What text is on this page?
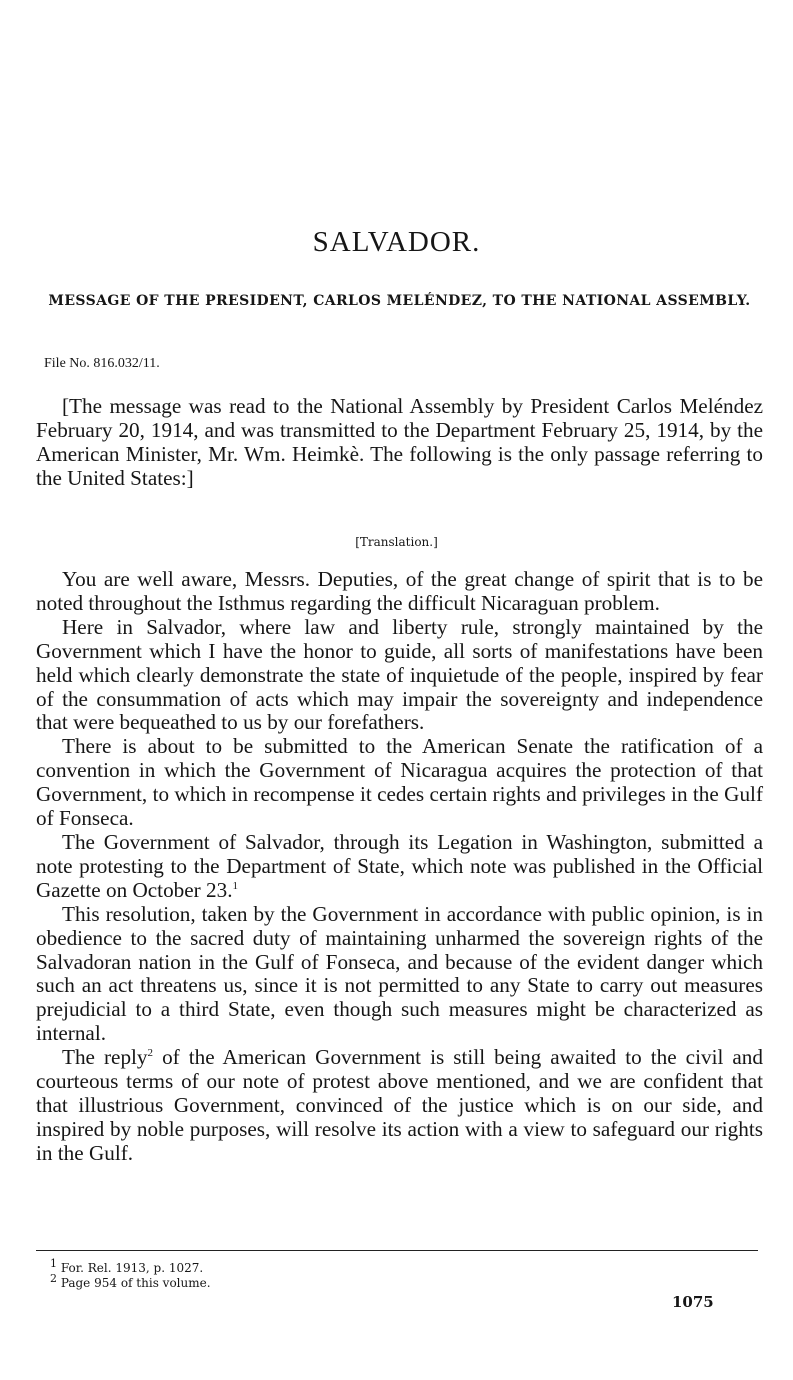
SALVADOR.
MESSAGE OF THE PRESIDENT, CARLOS MELÉNDEZ, TO THE NATIONAL ASSEMBLY.
File No. 816.032/11.

[The message was read to the National Assembly by President Carlos Meléndez February 20, 1914, and was transmitted to the Department February 25, 1914, by the American Minister, Mr. Wm. Heimkè. The following is the only passage referring to the United States:]

[Translation.]

You are well aware, Messrs. Deputies, of the great change of spirit that is to be noted throughout the Isthmus regarding the difficult Nicaraguan problem.

Here in Salvador, where law and liberty rule, strongly maintained by the Government which I have the honor to guide, all sorts of manifestations have been held which clearly demonstrate the state of inquietude of the people, inspired by fear of the consummation of acts which may impair the sovereignty and independence that were bequeathed to us by our forefathers.

There is about to be submitted to the American Senate the ratification of a convention in which the Government of Nicaragua acquires the protection of that Government, to which in recompense it cedes certain rights and privileges in the Gulf of Fonseca.

The Government of Salvador, through its Legation in Washington, submitted a note protesting to the Department of State, which note was published in the Official Gazette on October 23.$^1$

This resolution, taken by the Government in accordance with public opinion, is in obedience to the sacred duty of maintaining unharmed the sovereign rights of the Salvadoran nation in the Gulf of Fonseca, and because of the evident danger which such an act threatens us, since it is not permitted to any State to carry out measures prejudicial to a third State, even though such measures might be characterized as internal.

The reply$^2$ of the American Government is still being awaited to the civil and courteous terms of our note of protest above mentioned, and we are confident that that illustrious Government, convinced of the justice which is on our side, and inspired by noble purposes, will resolve its action with a view to safeguard our rights in the Gulf.

$^1$ For. Rel. 1913, p. 1027.
$^2$ Page 954 of this volume.
1075
